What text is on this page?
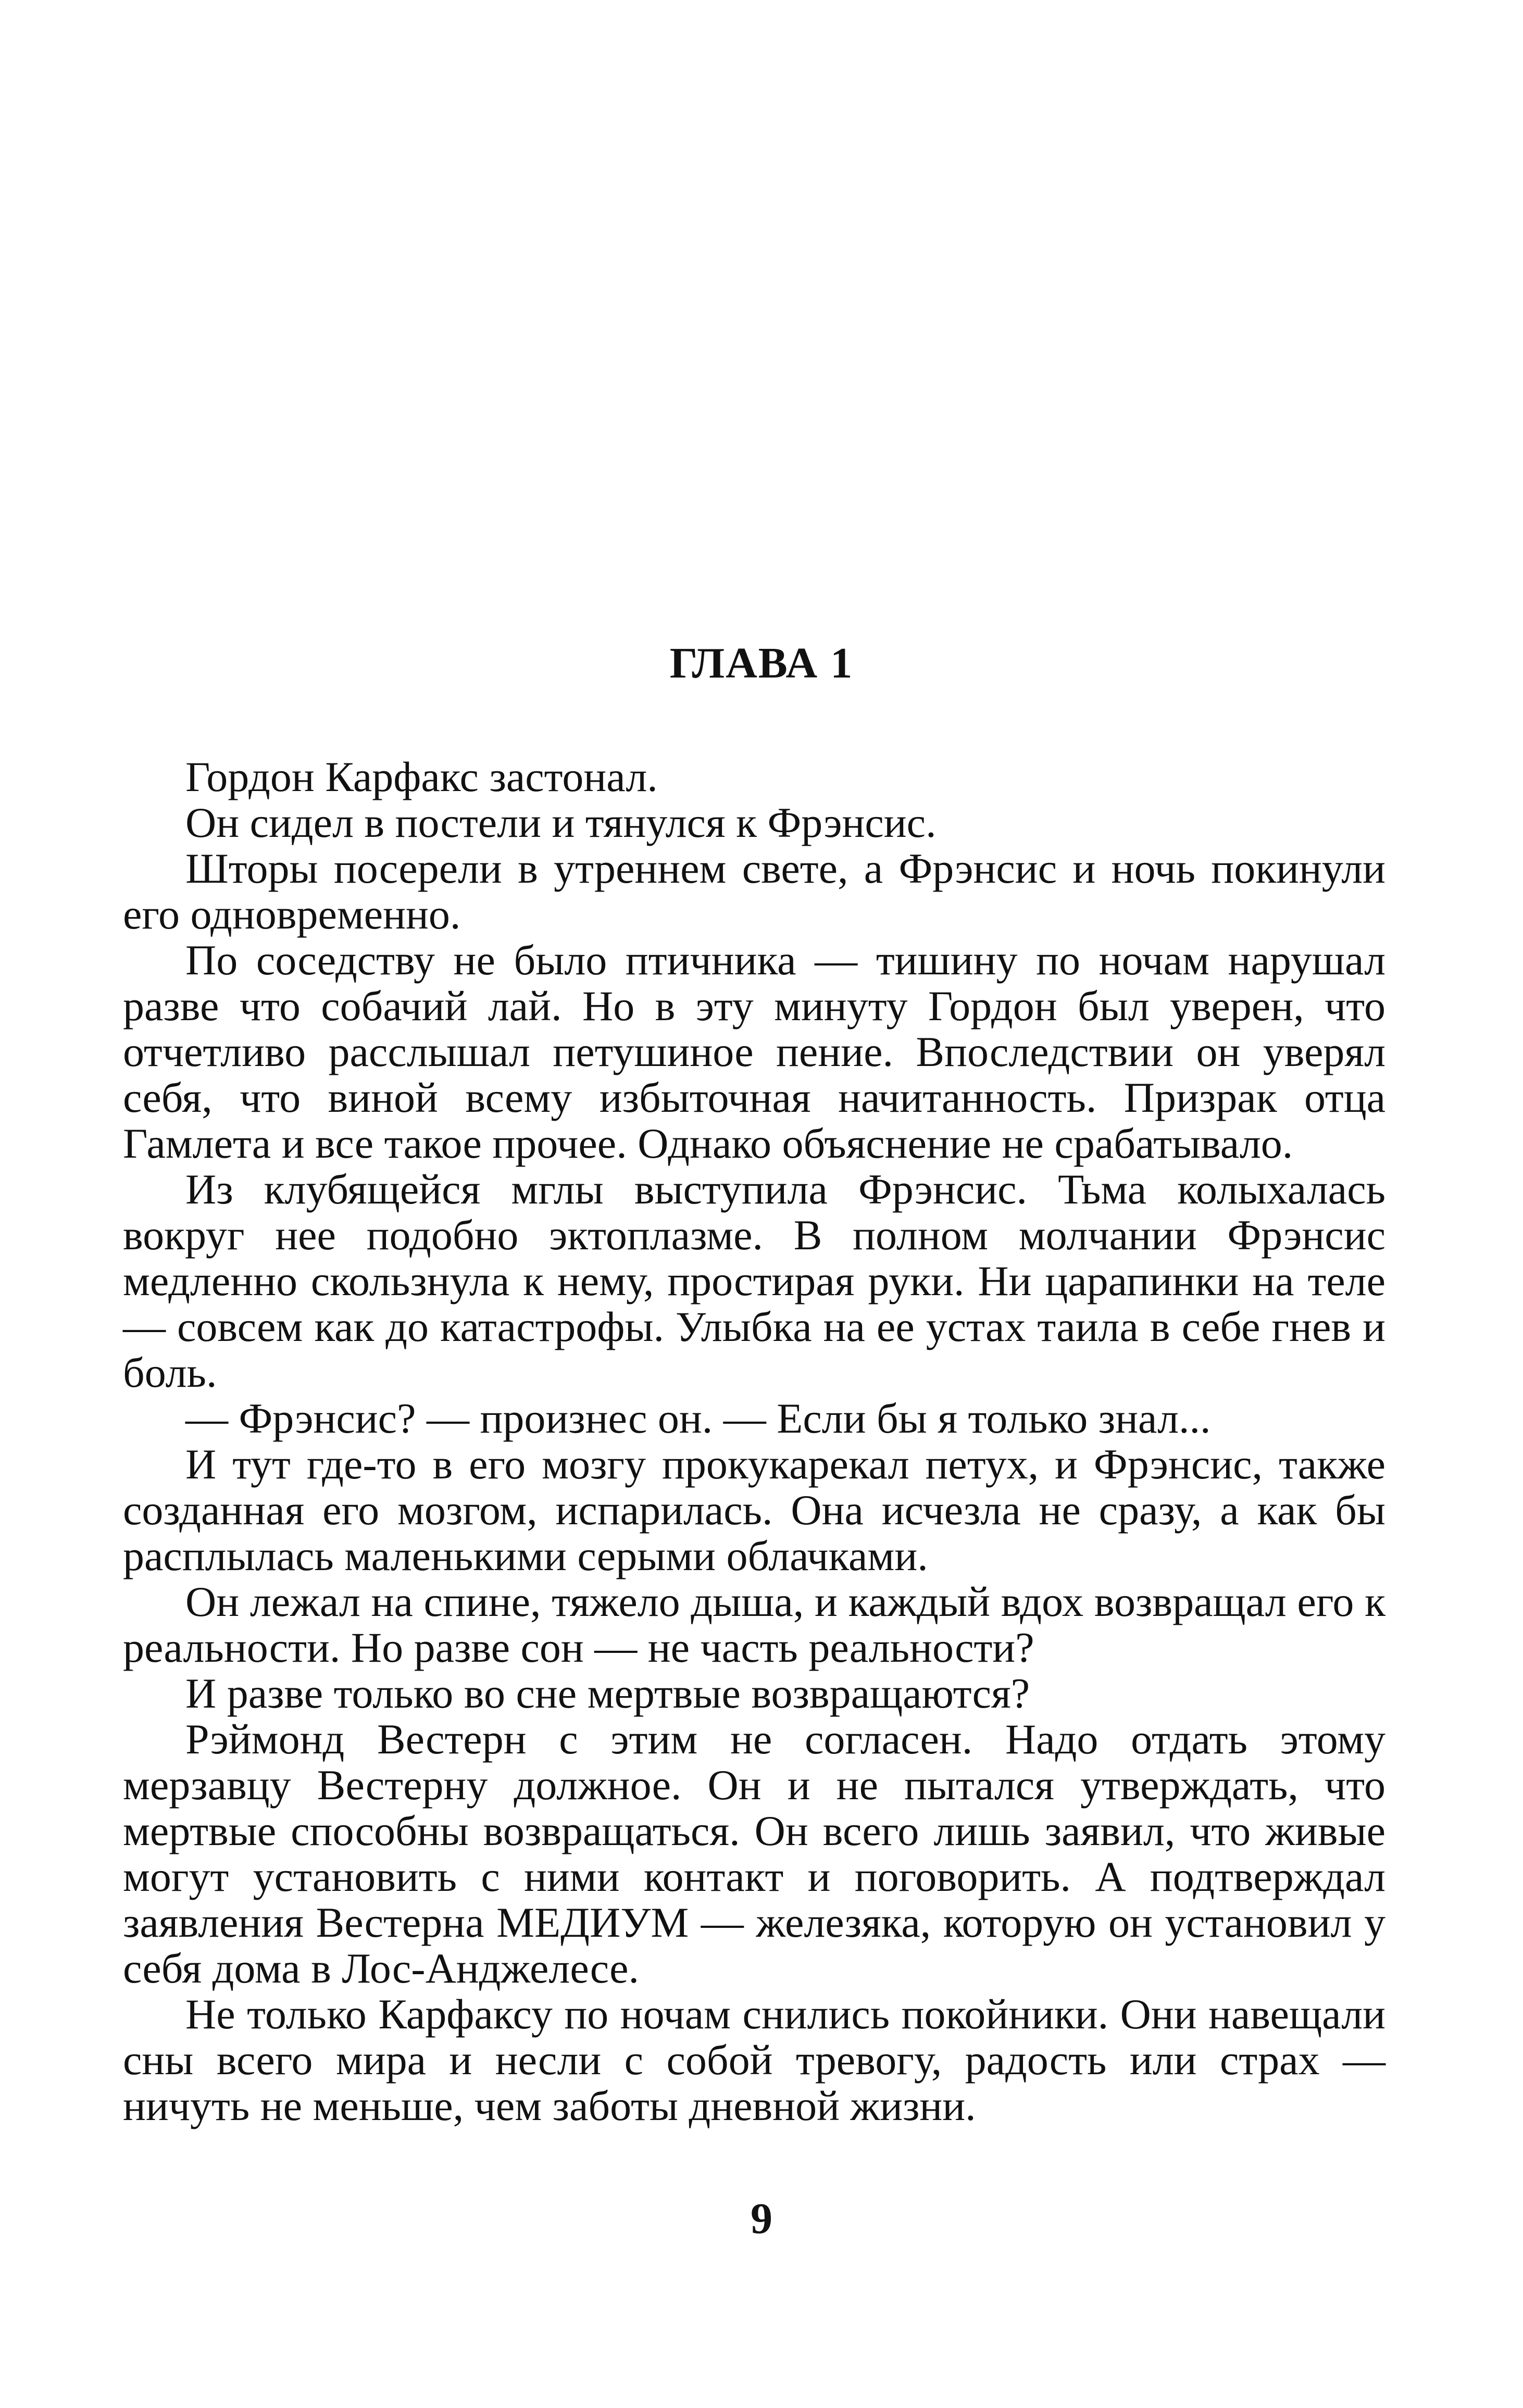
ГЛАВА 1

Гордон Карфакс застонал.

Он сидел в постели и тянулся к Фрэнсис.

Шторы посерели в утреннем свете, а Фрэнсис и ночь покинули его одновременно.

По соседству не было птичника — тишину по ночам нарушал разве что собачий лай. Но в эту минуту Гордон был уверен, что отчетливо расслышал петушиное пение. Впоследствии он уверял себя, что виной всему избыточная начитанность. Призрак отца Гамлета и все такое прочее. Однако объяснение не срабатывало.

Из клубящейся мглы выступила Фрэнсис. Тьма колыхалась вокруг нее подобно эктоплазме. В полном молчании Фрэнсис медленно скользнула к нему, простирая руки. Ни царапинки на теле — совсем как до катастрофы. Улыбка на ее устах таила в себе гнев и боль.

— Фрэнсис? — произнес он. — Если бы я только знал...

И тут где-то в его мозгу прокукарекал петух, и Фрэнсис, также созданная его мозгом, испарилась. Она исчезла не сразу, а как бы расплылась маленькими серыми облачками.

Он лежал на спине, тяжело дыша, и каждый вдох возвращал его к реальности. Но разве сон — не часть реальности?

И разве только во сне мертвые возвращаются?

Рэймонд Вестерн с этим не согласен. Надо отдать этому мерзавцу Вестерну должное. Он и не пытался утверждать, что мертвые способны возвращаться. Он всего лишь заявил, что живые могут установить с ними контакт и поговорить. А подтверждал заявления Вестерна МЕДИУМ — железяка, которую он установил у себя дома в Лос-Анджелесе.

Не только Карфаксу по ночам снились покойники. Они навещали сны всего мира и несли с собой тревогу, радость или страх — ничуть не меньше, чем заботы дневной жизни.

9
